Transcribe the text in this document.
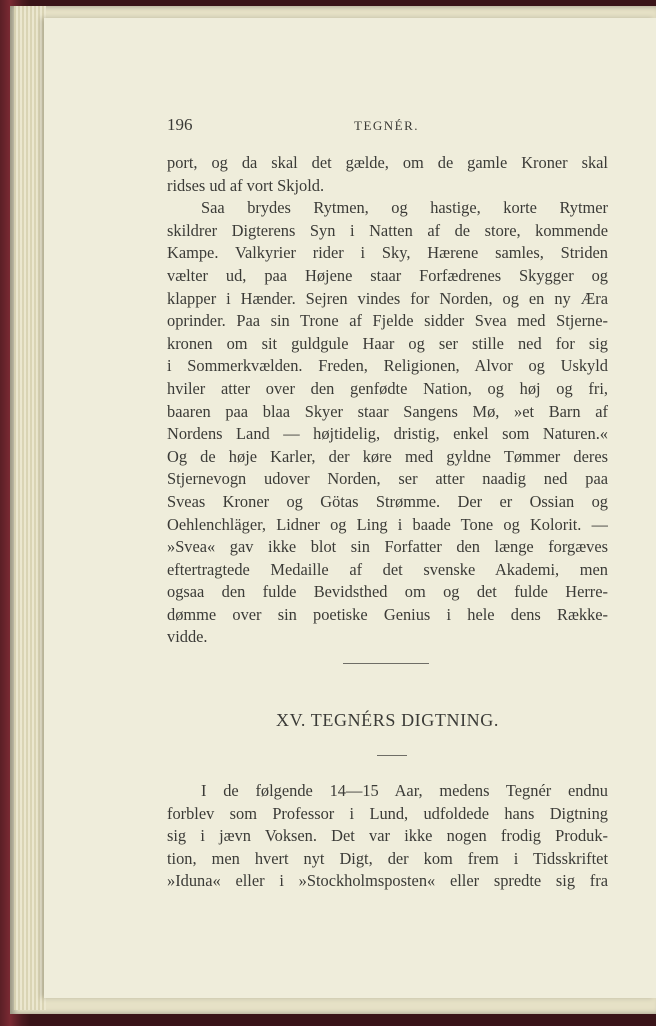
196	TEGNÉR.
port, og da skal det gælde, om de gamle Kroner skal
ridses ud af vort Skjold.
Saa brydes Rytmen, og hastige, korte Rytmer
skildrer Digterens Syn i Natten af de store, kommende
Kampe. Valkyrier rider i Sky, Hærene samles, Striden
vælter ud, paa Højene staar Forfædrenes Skygger og
klapper i Hænder. Sejren vindes for Norden, og en ny Æra
oprinder. Paa sin Trone af Fjelde sidder Svea med Stjerne-
kronen om sit guldgule Haar og ser stille ned for sig
i Sommerkvælden. Freden, Religionen, Alvor og Uskyld
hviler atter over den genfødte Nation, og høj og fri,
baaren paa blaa Skyer staar Sangens Mø, »et Barn af
Nordens Land — højtidelig, dristig, enkel som Naturen.«
Og de høje Karler, der køre med gyldne Tømmer deres
Stjernevogn udover Norden, ser atter naadig ned paa
Sveas Kroner og Götas Strømme. Der er Ossian og
Oehlenchläger, Lidner og Ling i baade Tone og Kolorit. —
»Svea« gav ikke blot sin Forfatter den længe forgæves
eftertragtede Medaille af det svenske Akademi, men
ogsaa den fulde Bevidsthed om og det fulde Herre-
dømme over sin poetiske Genius i hele dens Række-
vidde.
XV. TEGNÉRS DIGTNING.
I de følgende 14—15 Aar, medens Tegnér endnu
forblev som Professor i Lund, udfoldede hans Digtning
sig i jævn Voksen. Det var ikke nogen frodig Produk-
tion, men hvert nyt Digt, der kom frem i Tidsskriftet
»Iduna« eller i »Stockholmsposten« eller spredte sig fra
